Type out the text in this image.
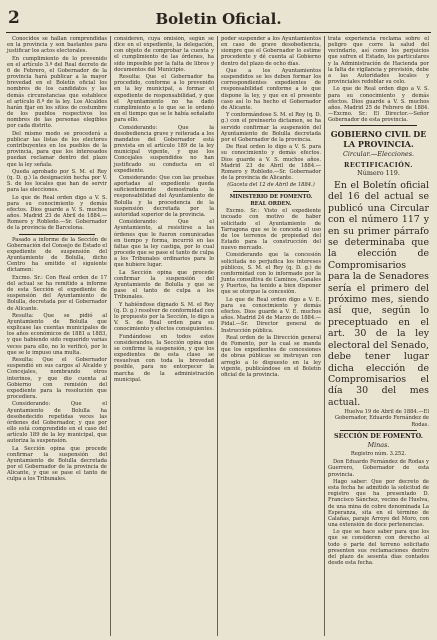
2	Boletin Oficial.

Conocidos se hallan comprendidas en la provincia y son bastantes para justificar los actos electorales.

En cumplimiento de lo prevenido en el artículo 3.º del Real decreto de 6 de Febrero, el Gobernador de la provincia hará publicar a la mayor brevedad en el Boletín oficial los nombres de los candidatos y las demás circunstancias que establece el artículo 8.º de la ley. Los Alcaldes harán fijar en los sitios de costumbre de los pueblos respectivos los nombres de las personas elegibles por cada distrito.

Del mismo modo se procederá a publicar las listas de los electores contribuyentes en los pueblos de la provincia, para que los interesados puedan reclamar dentro del plazo que la ley señala.

Queda aprobado por S. M. el Rey (q. D. g.) la designación hecha por V. S. de los locales que han de servir para las elecciones.

Lo que de Real orden digo a V. S. para su conocimiento y demás efectos. Dios guarde a V. S. muchos años. Madrid 23 de Abril de 1884.—Romero y Robledo.—Sr. Gobernador de la provincia de Barcelona.

Pasado a informe de la Sección de Gobernación del Consejo de Estado el expediente de suspensión del Ayuntamiento de Bolulla, dicho Centro ha emitido el siguiente dictamen:

Excmo. Sr.: Con Real orden de 17 del actual se ha remitido a informe de esta Sección el expediente de suspensión del Ayuntamiento de Bolulla, decretada por el Gobernador de Alicante.

Resulta: Que se pidió al Ayuntamiento de Bolulla que explicase las cuentas municipales de los años económicos de 1881 a 1883, y que habiendo sido requerido varias veces para ello, no lo verificó, por lo que se le impuso una multa.

Resulta: Que el Gobernador suspendió en sus cargos al Alcalde y Concejales, nombrando otros interinos, y que dio cuenta al Gobierno con remisión del expediente para la resolución que procediera.

Considerando: Que el Ayuntamiento de Bolulla ha desobedecido repetidas veces las órdenes del Gobernador, y que por ello está comprendido en el caso del artículo 189 de la ley municipal, que autoriza la suspensión.

La Sección opina que procede confirmar la suspensión del Ayuntamiento de Bolulla decretada por el Gobernador de la provincia de Alicante, y que se pase el tanto de culpa a los Tribunales.

consideren, cuya omisión, según se dice en el expediente, la delegación, con objeto de comprobar la cuenta y el cumplimiento de las órdenes, ha sido imposible por la falta de libros y documentos del Municipio.

Resulta: Que el Gobernador ha procedido, conforme a lo prevenido en la ley municipal, a formar el expediente de responsabilidad, y que el Ayuntamiento no ha dado cumplimiento a lo que se le ordenó en el tiempo que se le había señalado para ello.

Considerando: Que la desobediencia grave y reiterada a los mandatos del Gobernador está prevista en el artículo 189 de la ley municipal vigente, y que los Concejales suspendidos no han justificado su conducta en el expediente.

Considerando: Que con las pruebas aportadas al expediente queda suficientemente demostrada la responsabilidad del Ayuntamiento de Bolulla y la procedencia de la suspensión decretada por la autoridad superior de la provincia.

Considerando: Que el Ayuntamiento, al resistirse a las órdenes que le fueron comunicadas en tiempo y forma, incurrió en las faltas que la ley castiga, por lo cual procede que se pase el tanto de culpa a los Tribunales ordinarios para lo que hubiere lugar.

La Sección opina que procede confirmar la suspensión del Ayuntamiento de Bolulla y que se pase el tanto de culpa a los Tribunales.

Y habiéndose dignado S. M. el Rey (q. D. g.) resolver de conformidad con lo propuesto por la Sección, lo digo a V. S. de Real orden para su conocimiento y efectos consiguientes.

Fundándose en todos estos considerandos, la Sección opina que se confirme la suspensión, y que los expedientes de esta clase se resuelvan con toda la brevedad posible, para no entorpecer la marcha de la administración municipal.

poder suspender a los Ayuntamientos en caso de grave desobediencia, siempre que el Gobernador lo estime procedente y dé cuenta al Gobierno dentro del plazo de ocho días.

Que a los Ayuntamientos suspendidos se les deben formar los correspondientes expedientes de responsabilidad conforme a lo que dispone la ley, y que en el presente caso así lo ha hecho el Gobernador de Alicante.

Y conformándose S. M. el Rey (q. D. g.) con el preinserto dictamen, se ha servido confirmar la suspensión del Ayuntamiento de Bolulla decretada por el Gobernador de la provincia.

De Real orden lo digo a V. S. para su conocimiento y demás efectos. Dios guarde a V. S. muchos años. Madrid 23 de Abril de 1884.—Romero y Robledo.—Sr. Gobernador de la provincia de Alicante.

(Gaceta del 12 de Abril de 1884.)

MINISTERIO DE FOMENTO.

REAL ORDEN.

Excmo. Sr.: Visto el expediente incoado con motivo de haber solicitado el Ayuntamiento de Tarragona que se le conceda el uso de los terrenos de propiedad del Estado para la construcción del nuevo mercado.

Considerando que la concesión solicitada no perjudica los intereses públicos, S. M. el Rey (q. D. g.) de conformidad con lo informado por la Junta consultiva de Caminos, Canales y Puertos, ha tenido a bien disponer que se otorgue la concesión.

Lo que de Real orden digo a V. E. para su conocimiento y demás efectos. Dios guarde a V. E. muchos años. Madrid 24 de Marzo de 1884.—Pidal.—Sr. Director general de Instrucción pública.

Real orden de la Dirección general de Fomento, por la cual se manda que los expedientes de concesiones de obras públicas se instruyan con arreglo a lo dispuesto en la ley vigente, publicándose en el Boletín oficial de la provincia.

trata experiencia reclama sobre el peligro que corre la salud del vecindario, así como los perjuicios que sufren el Estado, los particulares y la Administración de Hacienda por la falta de vigilancia y previsión, debe a las Autoridades locales y provinciales redoblar su celo.

Lo que de Real orden digo a V. S. para su conocimiento y demás efectos. Dios guarde a V. S. muchos años. Madrid 25 de Febrero de 1884.—Excmo. Sr.: El Director.—Señor Gobernador de esta provincia.

GOBIERNO CIVIL DE LA PROVINCIA.

Circular.—Elecciones.

RECTIFICACIÓN.

Número 119.

En el Boletín oficial del 16 del actual se publicó una Circular con el número 117 y en su primer párrafo se determinaba que la elección de Compromisarios para la de Senadores sería el primero del próximo mes, siendo así que, según lo preceptuado en el art. 30 de la ley electoral del Senado, debe tener lugar dicha elección de Compromisarios el día 30 del mes actual.

Huelva 19 de Abril de 1884.—El Gobernador, Eduardo Fernández de Rodas.

SECCIÓN DE FOMENTO.

Minas.

Registro núm. 3.252.

Don Eduardo Fernández de Rodas y Guerrero, Gobernador de esta provincia.

Hago saber: Que por decreto de esta fecha he admitido la solicitud de registro que ha presentado D. Francisco Sánchez, vecino de Huelva, de una mina de cobre denominada La Esperanza, sita en el término de Calañas, paraje Arroyo del Moro, con una extensión de doce pertenencias.

Lo que se hace saber para que los que se consideren con derecho al todo o parte del terreno solicitado presenten sus reclamaciones dentro del plazo de sesenta días contados desde esta fecha.
